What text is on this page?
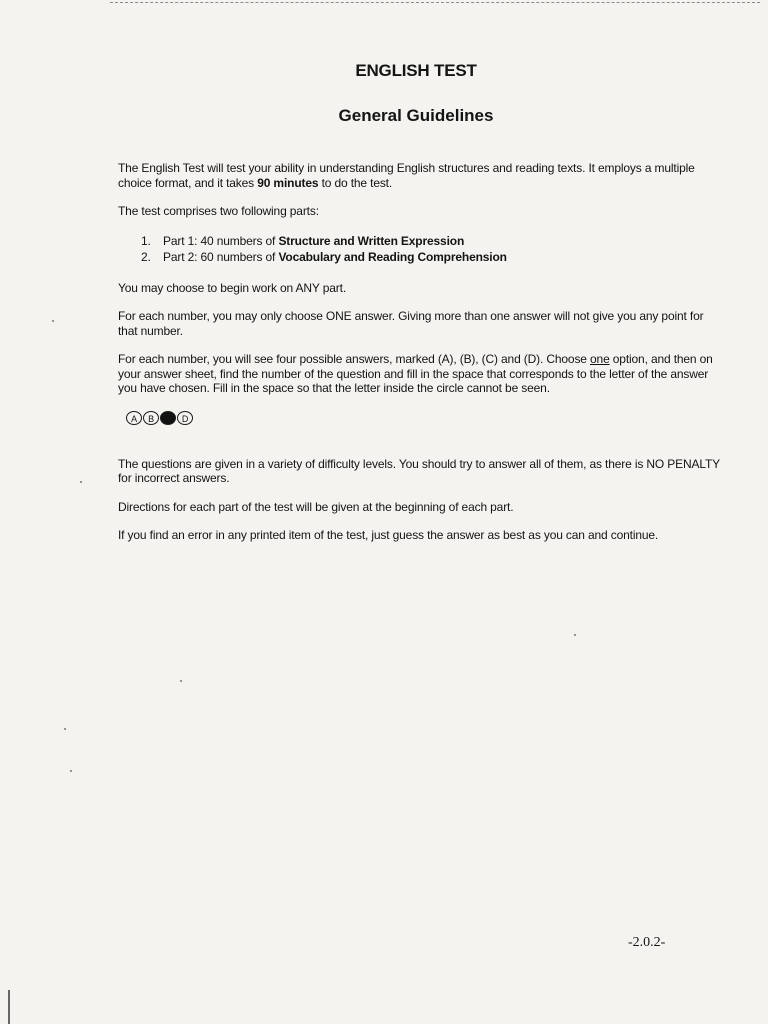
ENGLISH TEST
General Guidelines

The English Test will test your ability in understanding English structures and reading texts. It employs a multiple choice format, and it takes 90 minutes to do the test.

The test comprises two following parts:

1.	Part 1: 40 numbers of Structure and Written Expression
2.	Part 2: 60 numbers of Vocabulary and Reading Comprehension

You may choose to begin work on ANY part.

For each number, you may only choose ONE answer. Giving more than one answer will not give you any point for that number.

For each number, you will see four possible answers, marked (A), (B), (C) and (D). Choose one option, and then on your answer sheet, find the number of the question and fill in the space that corresponds to the letter of the answer you have chosen. Fill in the space so that the letter inside the circle cannot be seen.

A	B	D

The questions are given in a variety of difficulty levels. You should try to answer all of them, as there is NO PENALTY for incorrect answers.

Directions for each part of the test will be given at the beginning of each part.

If you find an error in any printed item of the test, just guess the answer as best as you can and continue.

-2.0.2-
